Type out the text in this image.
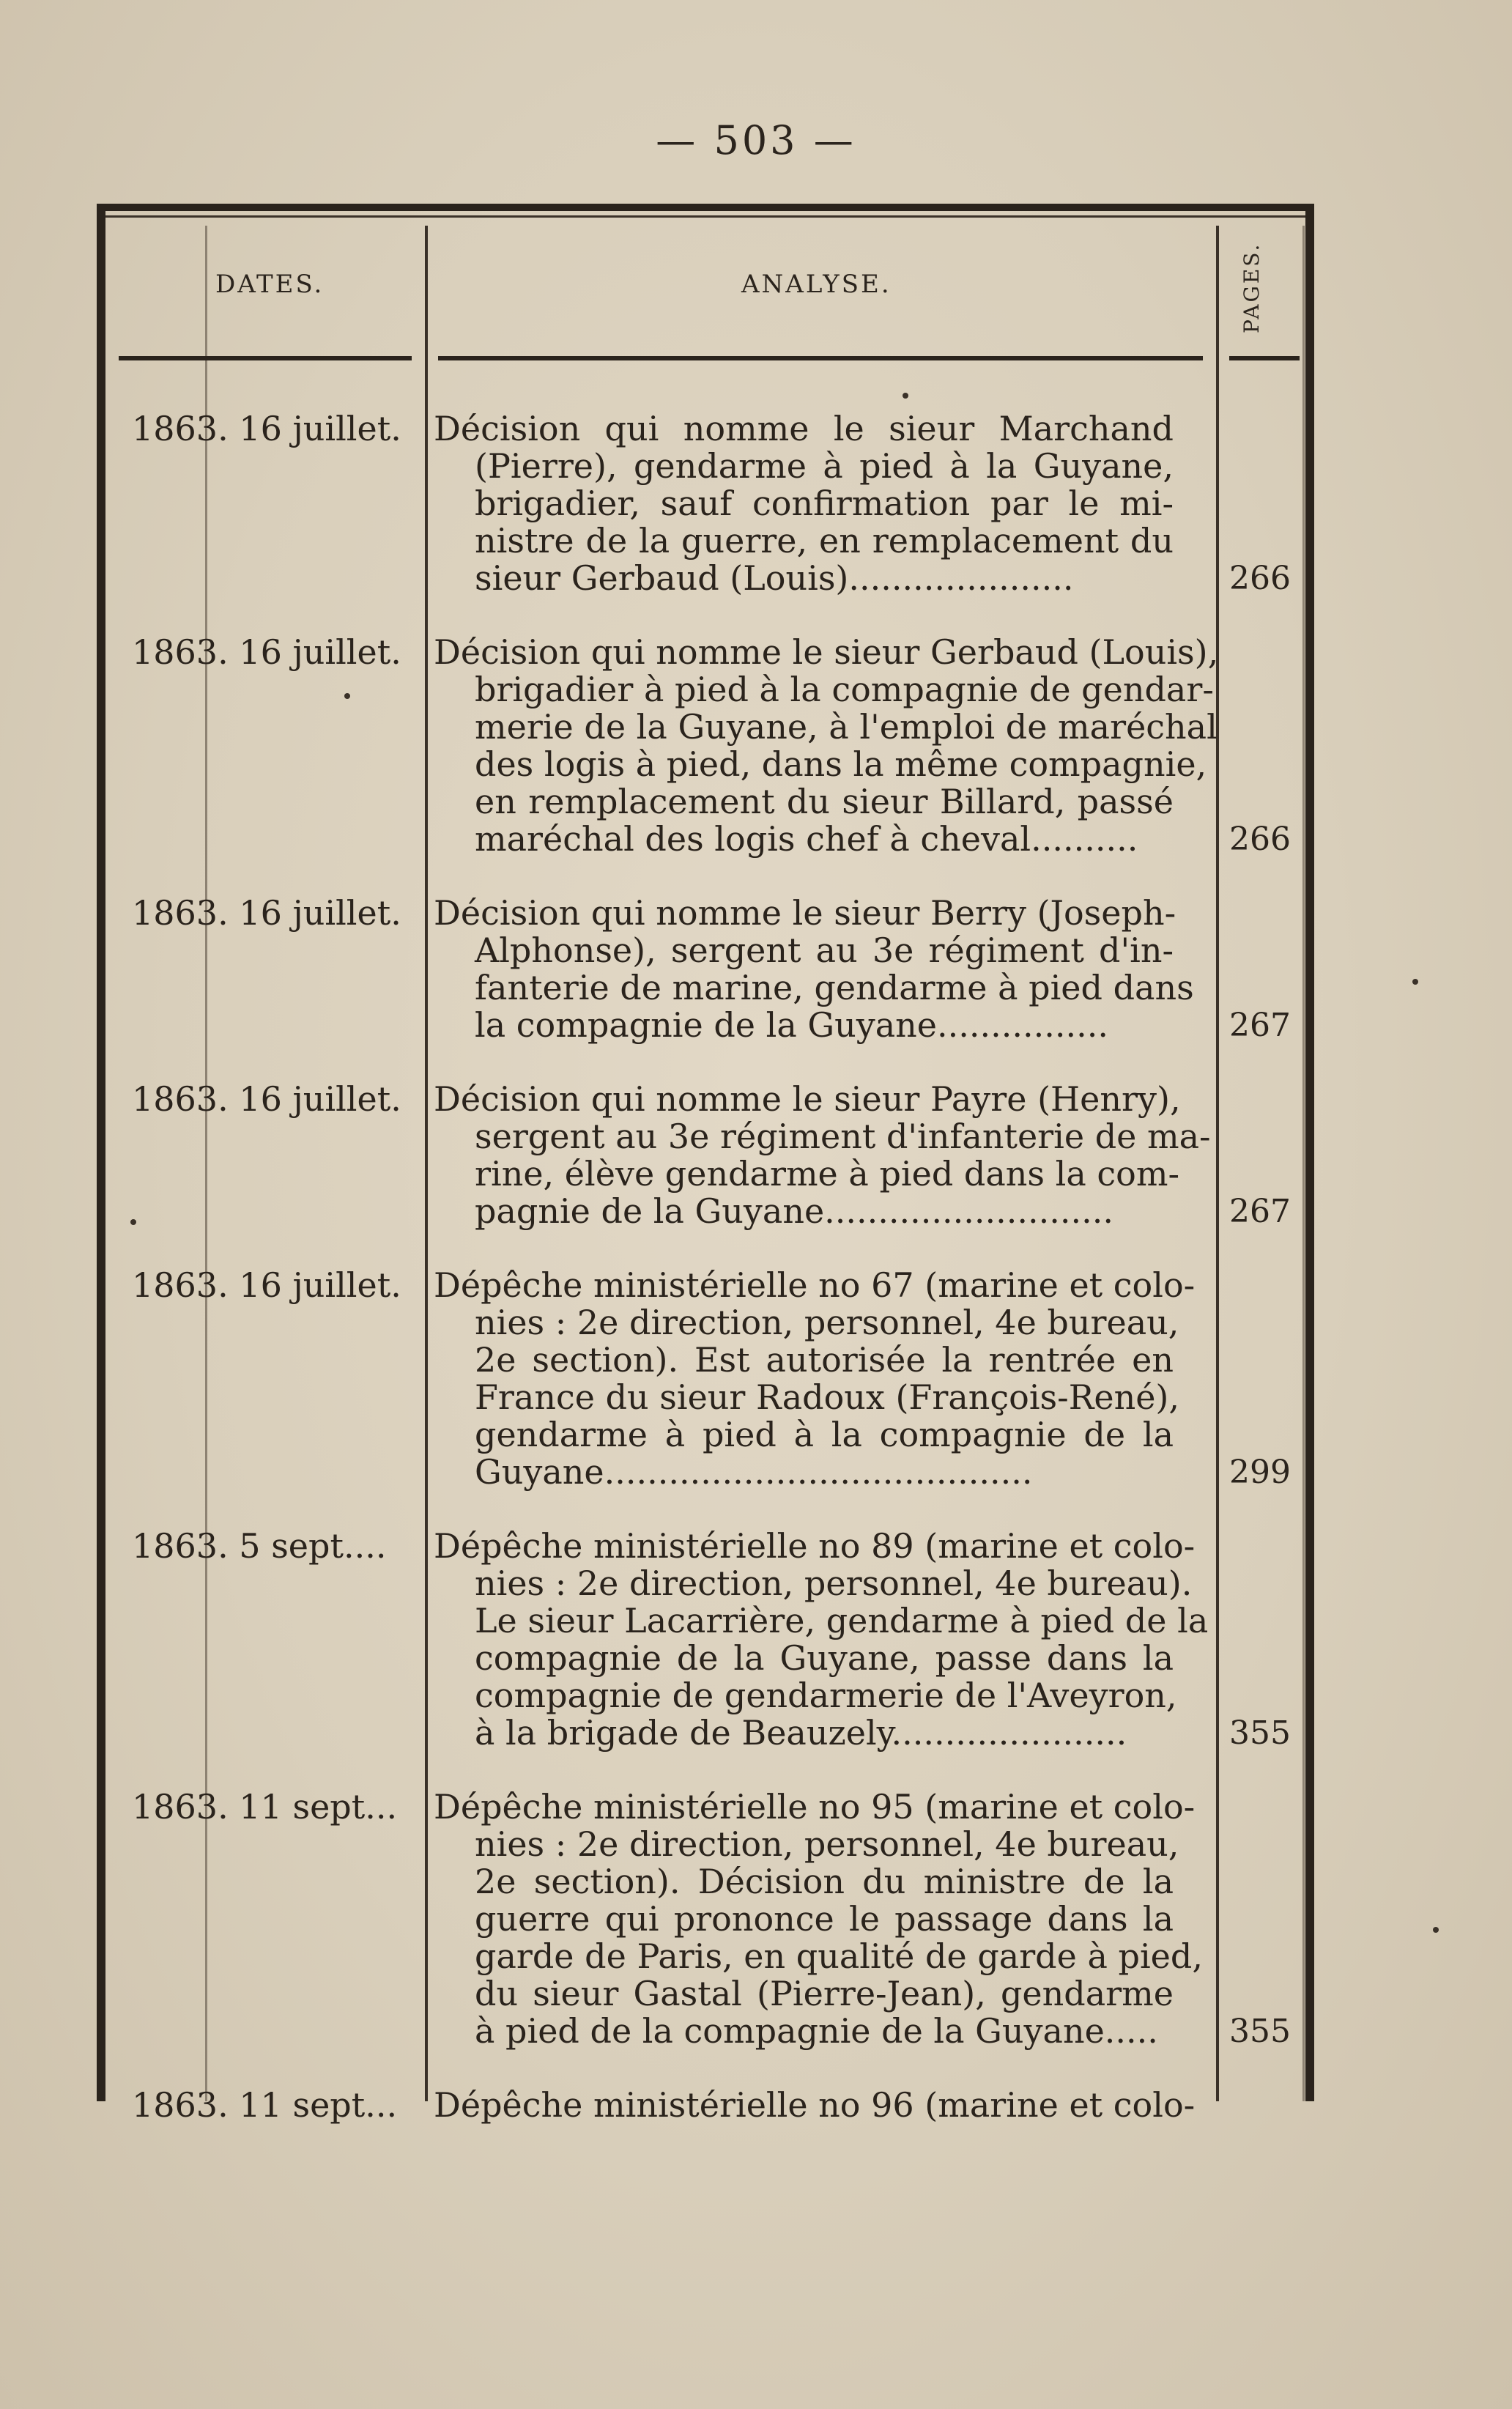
— 503 —
DATES.	ANALYSE.	PAGES.
1863. 16 juillet. Décision qui nomme le sieur Marchand
(Pierre), gendarme à pied à la Guyane,
brigadier, sauf confirmation par le mi-
nistre de la guerre, en remplacement du
sieur Gerbaud (Louis).....................	266
1863. 16 juillet. Décision qui nomme le sieur Gerbaud (Louis),
brigadier à pied à la compagnie de gendar-
merie de la Guyane, à l'emploi de maréchal
des logis à pied, dans la même compagnie,
en remplacement du sieur Billard, passé
maréchal des logis chef à cheval..........	266
1863. 16 juillet. Décision qui nomme le sieur Berry (Joseph-
Alphonse), sergent au 3e régiment d'in-
fanterie de marine, gendarme à pied dans
la compagnie de la Guyane................	267
1863. 16 juillet. Décision qui nomme le sieur Payre (Henry),
sergent au 3e régiment d'infanterie de ma-
rine, élève gendarme à pied dans la com-
pagnie de la Guyane...........................	267
1863. 16 juillet. Dépêche ministérielle no 67 (marine et colo-
nies : 2e direction, personnel, 4e bureau,
2e section). Est autorisée la rentrée en
France du sieur Radoux (François-René),
gendarme à pied à la compagnie de la
Guyane........................................	299
1863. 5 sept....	Dépêche ministérielle no 89 (marine et colo-
nies : 2e direction, personnel, 4e bureau).
Le sieur Lacarrière, gendarme à pied de la
compagnie de la Guyane, passe dans la
compagnie de gendarmerie de l'Aveyron,
à la brigade de Beauzely......................	355
1863. 11 sept...	Dépêche ministérielle no 95 (marine et colo-
nies : 2e direction, personnel, 4e bureau,
2e section). Décision du ministre de la
guerre qui prononce le passage dans la
garde de Paris, en qualité de garde à pied,
du sieur Gastal (Pierre-Jean), gendarme
à pied de la compagnie de la Guyane.....	355
1863. 11 sept...	Dépêche ministérielle no 96 (marine et colo-
